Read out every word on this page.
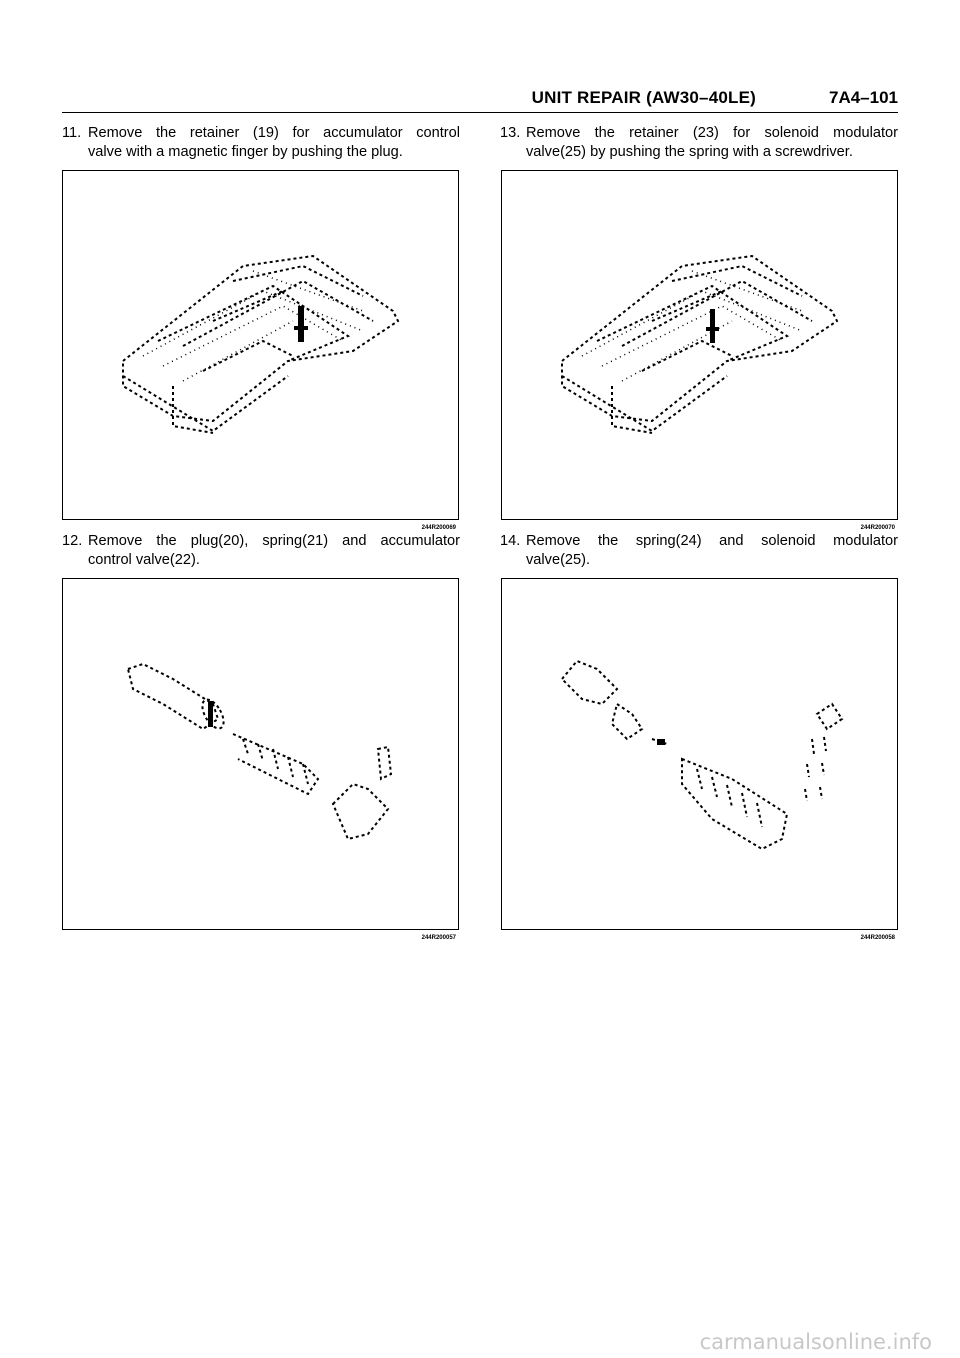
UNIT REPAIR (AW30–40LE)	7A4–101
11. Remove the retainer (19) for accumulator control
valve with a magnetic finger by pushing the plug.
244R200069
12. Remove the plug(20), spring(21) and accumulator
control valve(22).
244R200057
13. Remove the retainer (23) for solenoid modulator
valve(25) by pushing the spring with a screwdriver.
244R200070
14. Remove the spring(24) and solenoid modulator
valve(25).
244R200058
carmanualsonline.info
